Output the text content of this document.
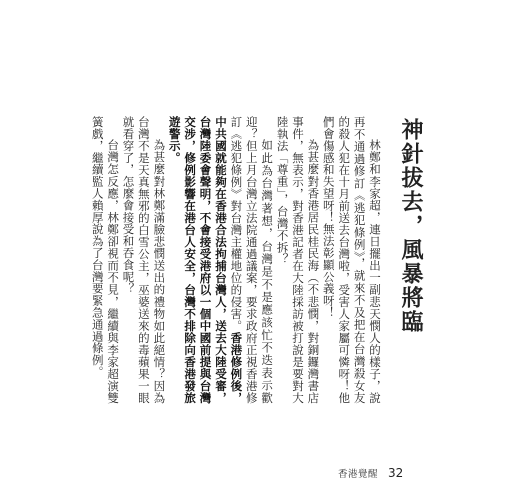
神針拔去，風暴將臨

林鄭和李家超，連日擺出一副悲天憫人的樣子，說再不通過修訂《逃犯條例》，就來不及把在台灣殺女友的殺人犯在十月前送去台灣啦，受害人家屬可憐呀！他們會傷感和失望呀！無法彰顯公義呀！

為甚麼對香港居民桂民海（不悲憫，對銅鑼灣書店事件，無表示，對香港記者在大陸採訪被打說是要對大陸執法「尊重」，台灣不拆？

如此為台灣著想，台灣是不是應該忙不迭表示歡迎？但上月台灣立法院通過議案，要求政府正視香港修訂《逃犯條例》對台灣主權地位的侵害。香港修例後，中共國就能夠在香港合法拘捕台灣人，送去大陸受審，台灣陸委會聲明，不會接受港府以一個中國前提與台灣交涉，修例影響在港台人安全，台灣不排除向香港發旅遊警示。

為甚麼對林鄭滿臉悲憫送出的禮物如此絕情？因為台灣不是天真無邪的白雪公主，巫婆送來的毒蘋果一眼就看穿了，怎麼會接受和吞食呢？

台灣怎反應，林鄭卻視而不見，繼續與李家超演雙簧戲，繼續監人賴厚說為了台灣要緊急通過條例。

香港覺醒 32
